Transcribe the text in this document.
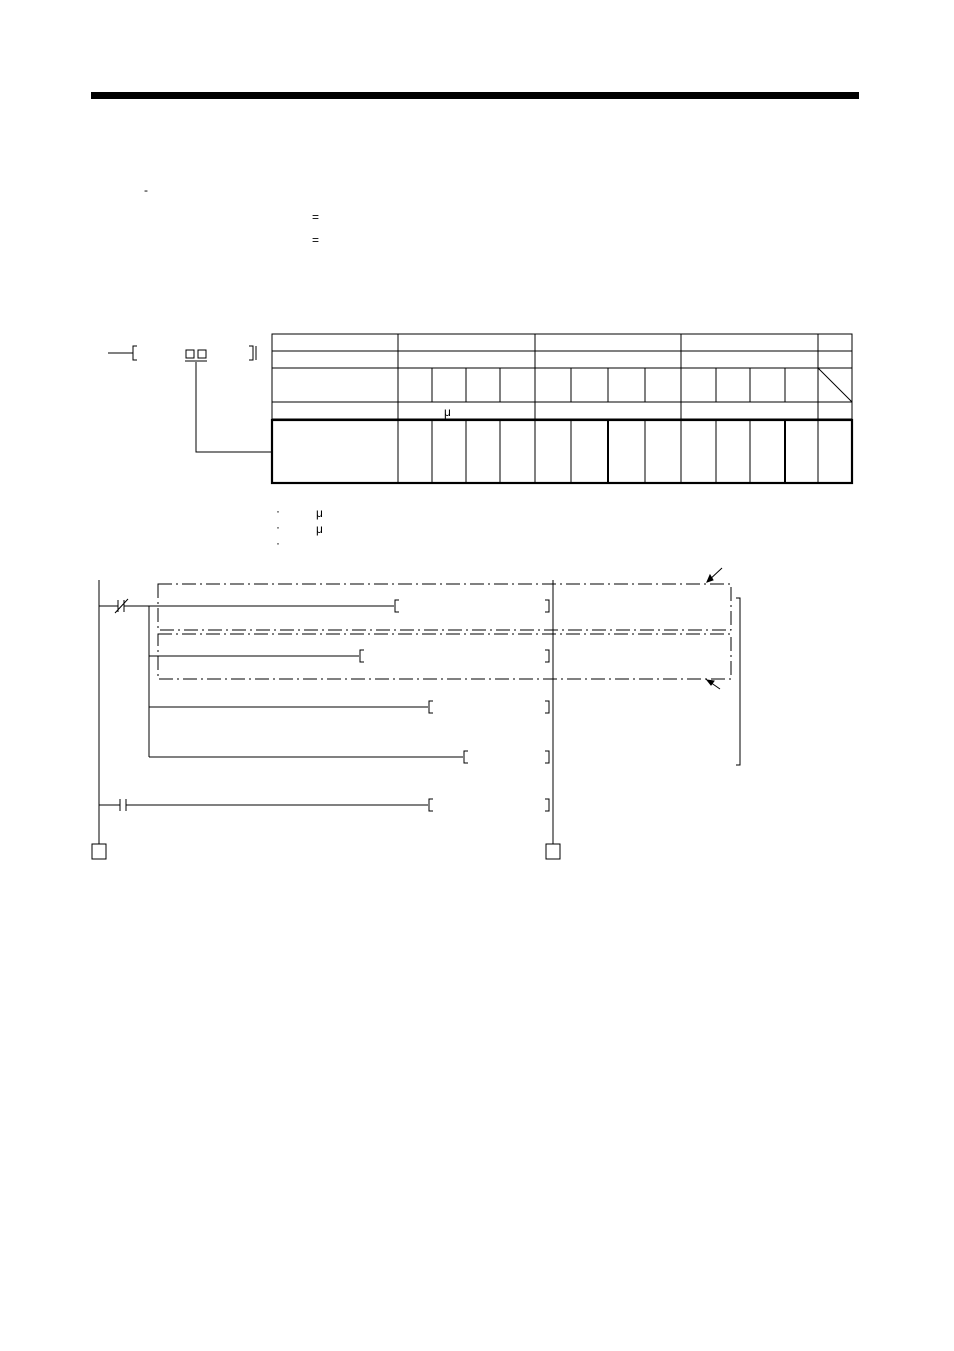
-
=
=
μ
·
·
·
μ
μ
